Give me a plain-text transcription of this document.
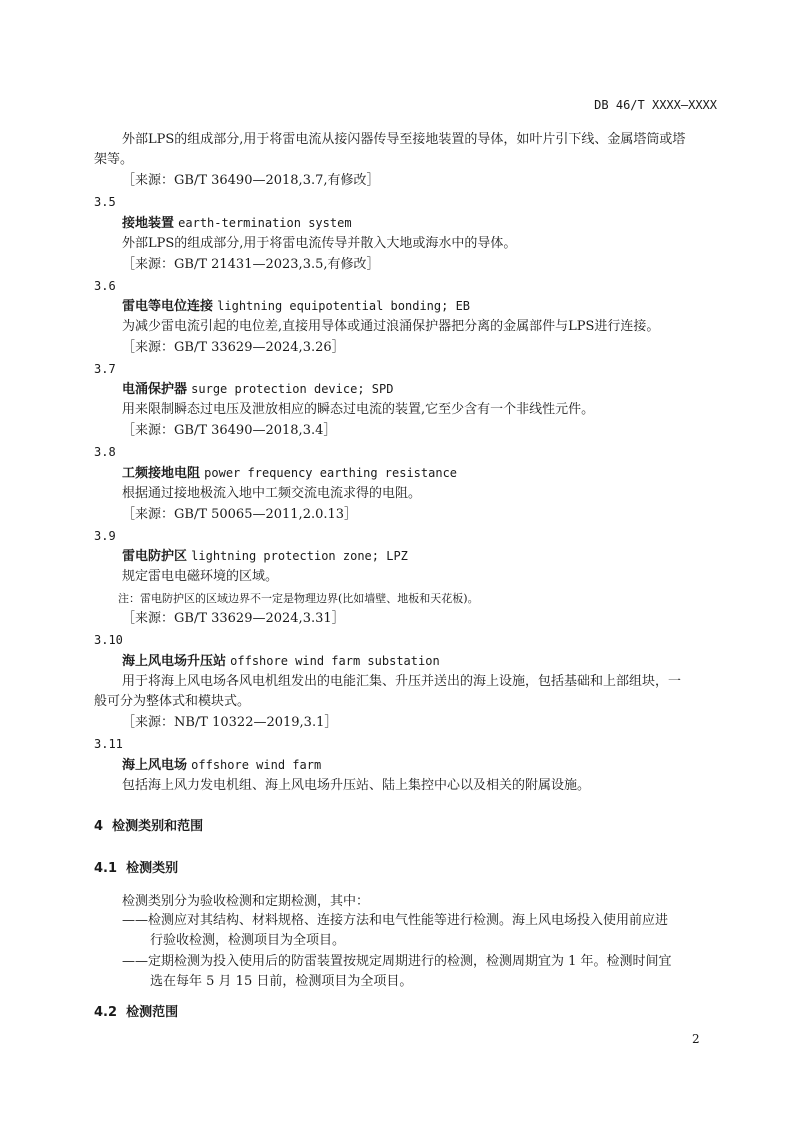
DB 46/T XXXX—XXXX
外部LPS的组成部分,用于将雷电流从接闪器传导至接地装置的导体，如叶片引下线、金属塔筒或塔
架等。
［来源：GB/T 36490—2018,3.7,有修改］
3.5
接地装置 earth-termination system
外部LPS的组成部分,用于将雷电流传导并散入大地或海水中的导体。
［来源：GB/T 21431—2023,3.5,有修改］
3.6
雷电等电位连接 lightning equipotential bonding; EB
为减少雷电流引起的电位差,直接用导体或通过浪涌保护器把分离的金属部件与LPS进行连接。
［来源：GB/T 33629—2024,3.26］
3.7
电涌保护器 surge protection device; SPD
用来限制瞬态过电压及泄放相应的瞬态过电流的装置,它至少含有一个非线性元件。
［来源：GB/T 36490—2018,3.4］
3.8
工频接地电阻 power frequency earthing resistance
根据通过接地极流入地中工频交流电流求得的电阻。
［来源：GB/T 50065—2011,2.0.13］
3.9
雷电防护区 lightning protection zone; LPZ
规定雷电电磁环境的区域。
注：雷电防护区的区域边界不一定是物理边界(比如墙壁、地板和天花板)。
［来源：GB/T 33629—2024,3.31］
3.10
海上风电场升压站 offshore wind farm substation
用于将海上风电场各风电机组发出的电能汇集、升压并送出的海上设施，包括基础和上部组块，一
般可分为整体式和模块式。
［来源：NB/T 10322—2019,3.1］
3.11
海上风电场 offshore wind farm
包括海上风力发电机组、海上风电场升压站、陆上集控中心以及相关的附属设施。
4 检测类别和范围
4.1 检测类别
检测类别分为验收检测和定期检测，其中：
——检测应对其结构、材料规格、连接方法和电气性能等进行检测。海上风电场投入使用前应进
行验收检测，检测项目为全项目。
——定期检测为投入使用后的防雷装置按规定周期进行的检测，检测周期宜为 1 年。检测时间宜
选在每年 5 月 15 日前，检测项目为全项目。
4.2 检测范围
2
